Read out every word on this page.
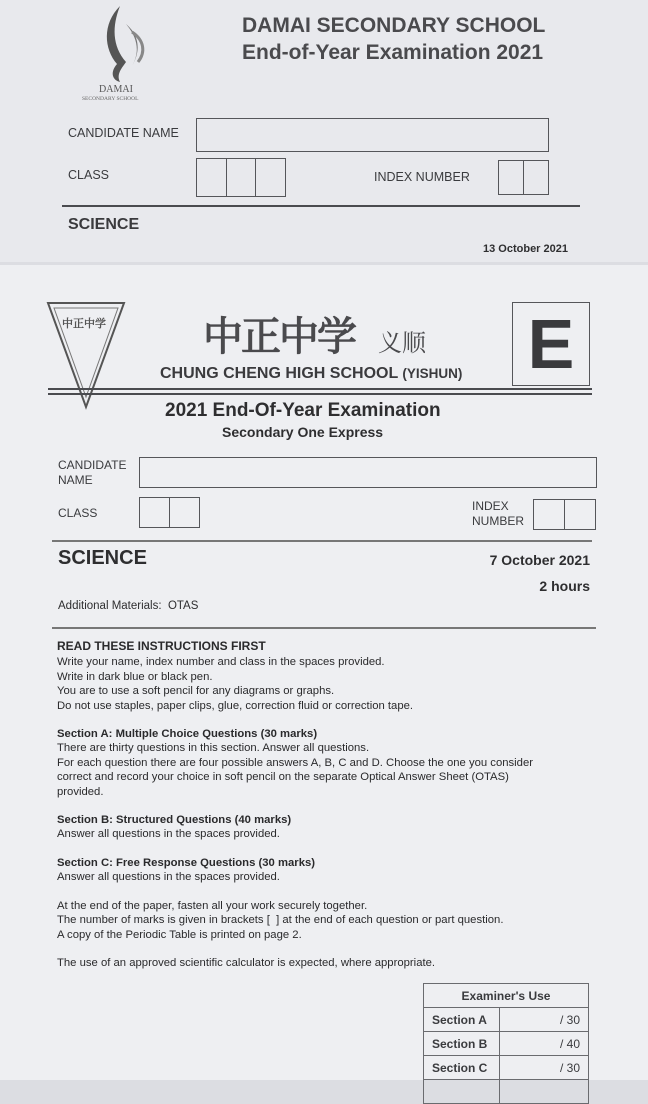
DAMAI
SECONDARY SCHOOL
DAMAI SECONDARY SCHOOL
End-of-Year Examination 2021
CANDIDATE NAME
CLASS	INDEX NUMBER
SCIENCE
13 October 2021
中正中学 中正中学 义顺
CHUNG CHENG HIGH SCHOOL (YISHUN) E
2021 End-Of-Year Examination
Secondary One Express
CANDIDATE
NAME
CLASS	INDEX
NUMBER
SCIENCE	7 October 2021
2 hours
Additional Materials:  OTAS
READ THESE INSTRUCTIONS FIRST
Write your name, index number and class in the spaces provided.
Write in dark blue or black pen.
You are to use a soft pencil for any diagrams or graphs.
Do not use staples, paper clips, glue, correction fluid or correction tape.
Section A: Multiple Choice Questions (30 marks)
There are thirty questions in this section. Answer all questions.
For each question there are four possible answers A, B, C and D. Choose the one you consider
correct and record your choice in soft pencil on the separate Optical Answer Sheet (OTAS)
provided.
Section B: Structured Questions (40 marks)
Answer all questions in the spaces provided.
Section C: Free Response Questions (30 marks)
Answer all questions in the spaces provided.
At the end of the paper, fasten all your work securely together.
The number of marks is given in brackets [  ] at the end of each question or part question.
A copy of the Periodic Table is printed on page 2.
The use of an approved scientific calculator is expected, where appropriate.
Examiner's Use	
Section A	/ 30
Section B	/ 40
Section C	/ 30
